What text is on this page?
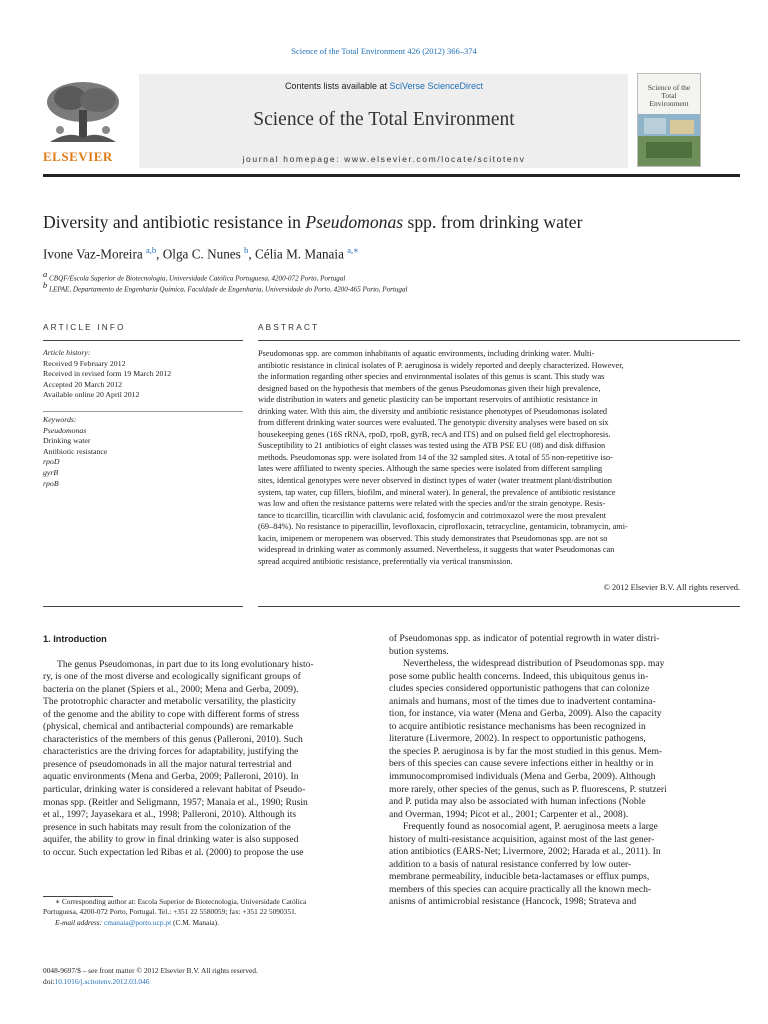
Science of the Total Environment 426 (2012) 366–374
Contents lists available at SciVerse ScienceDirect
Science of the Total Environment
journal homepage: www.elsevier.com/locate/scitotenv
ELSEVIER
Science of the Total Environment
Diversity and antibiotic resistance in Pseudomonas spp. from drinking water
Ivone Vaz-Moreira $^{a,b}$, Olga C. Nunes $^b$, Célia M. Manaia $^{a,∗}$
a CBQF/Escola Superior de Biotecnologia, Universidade Católica Portuguesa, 4200-072 Porto, Portugal
b LEPAE, Departamento de Engenharia Química, Faculdade de Engenharia, Universidade do Porto, 4200-465 Porto, Portugal
ARTICLE INFO	ABSTRACT
Article history:
Received 9 February 2012
Received in revised form 19 March 2012
Accepted 20 March 2012
Available online 20 April 2012
Keywords:
Pseudomonas
Drinking water
Antibiotic resistance
rpoD
gyrB
rpoB
Pseudomonas spp. are common inhabitants of aquatic environments, including drinking water. Multi-
antibiotic resistance in clinical isolates of P. aeruginosa is widely reported and deeply characterized. However,
the information regarding other species and environmental isolates of this genus is scant. This study was
designed based on the hypothesis that members of the genus Pseudomonas given their high prevalence,
wide distribution in waters and genetic plasticity can be important reservoirs of antibiotic resistance in
drinking water. With this aim, the diversity and antibiotic resistance phenotypes of Pseudomonas isolated
from different drinking water sources were evaluated. The genotypic diversity analyses were based on six
housekeeping genes (16S rRNA, rpoD, rpoB, gyrB, recA and ITS) and on pulsed field gel electrophoresis.
Susceptibility to 21 antibiotics of eight classes was tested using the ATB PSE EU (08) and disk diffusion
methods. Pseudomonas spp. were isolated from 14 of the 32 sampled sites. A total of 55 non-repetitive iso-
lates were affiliated to twenty species. Although the same species were isolated from different sampling
sites, identical genotypes were never observed in distinct types of water (water treatment plant/distribution
system, tap water, cup fillers, biofilm, and mineral water). In general, the prevalence of antibiotic resistance
was low and often the resistance patterns were related with the species and/or the strain genotype. Resis-
tance to ticarcillin, ticarcillin with clavulanic acid, fosfomycin and cotrimoxazol were the most prevalent
(69–84%). No resistance to piperacillin, levofloxacin, ciprofloxacin, tetracycline, gentamicin, tobramycin, ami-
kacin, imipenem or meropenem was observed. This study demonstrates that Pseudomonas spp. are not so
widespread in drinking water as commonly assumed. Nevertheless, it suggests that water Pseudomonas can
spread acquired antibiotic resistance, preferentially via vertical transmission.
© 2012 Elsevier B.V. All rights reserved.
1. Introduction
The genus Pseudomonas, in part due to its long evolutionary histo-
ry, is one of the most diverse and ecologically significant groups of
bacteria on the planet (Spiers et al., 2000; Mena and Gerba, 2009).
The prototrophic character and metabolic versatility, the plasticity
of the genome and the ability to cope with different forms of stress
(physical, chemical and antibacterial compounds) are remarkable
characteristics of the members of this genus (Palleroni, 2010). Such
characteristics are the driving forces for adaptability, justifying the
presence of pseudomonads in all the major natural terrestrial and
aquatic environments (Mena and Gerba, 2009; Palleroni, 2010). In
particular, drinking water is considered a relevant habitat of Pseudo-
monas spp. (Reitler and Seligmann, 1957; Manaia et al., 1990; Rusin
et al., 1997; Jayasekara et al., 1998; Palleroni, 2010). Although its
presence in such habitats may result from the colonization of the
aquifer, the ability to grow in final drinking water is also supposed
to occur. Such expectation led Ribas et al. (2000) to propose the use
of Pseudomonas spp. as indicator of potential regrowth in water distri-
bution systems.
Nevertheless, the widespread distribution of Pseudomonas spp. may
pose some public health concerns. Indeed, this ubiquitous genus in-
cludes species considered opportunistic pathogens that can colonize
animals and humans, most of the times due to inadvertent contamina-
tion, for instance, via water (Mena and Gerba, 2009). Also the capacity
to acquire antibiotic resistance mechanisms has been recognized in
literature (Livermore, 2002). In respect to opportunistic pathogens,
the species P. aeruginosa is by far the most studied in this genus. Mem-
bers of this species can cause severe infections either in healthy or in
immunocompromised individuals (Mena and Gerba, 2009). Although
more rarely, other species of the genus, such as P. fluorescens, P. stutzeri
and P. putida may also be associated with human infections (Noble
and Overman, 1994; Picot et al., 2001; Carpenter et al., 2008).
Frequently found as nosocomial agent, P. aeruginosa meets a large
history of multi-resistance acquisition, against most of the last gener-
ation antibiotics (EARS-Net; Livermore, 2002; Harada et al., 2011). In
addition to a basis of natural resistance conferred by low outer-
membrane permeability, inducible beta-lactamases or efflux pumps,
members of this species can acquire practically all the known mech-
anisms of antimicrobial resistance (Hancock, 1998; Strateva and
∗ Corresponding author at: Escola Superior de Biotecnologia, Universidade Católica
Portuguesa, 4200-072 Porto, Portugal. Tel.: +351 22 5580059; fax: +351 22 5090351.
E-mail address: cmanaia@porto.ucp.pt (C.M. Manaia).
0048-9697/$ – see front matter © 2012 Elsevier B.V. All rights reserved.
doi:10.1016/j.scitotenv.2012.03.046
